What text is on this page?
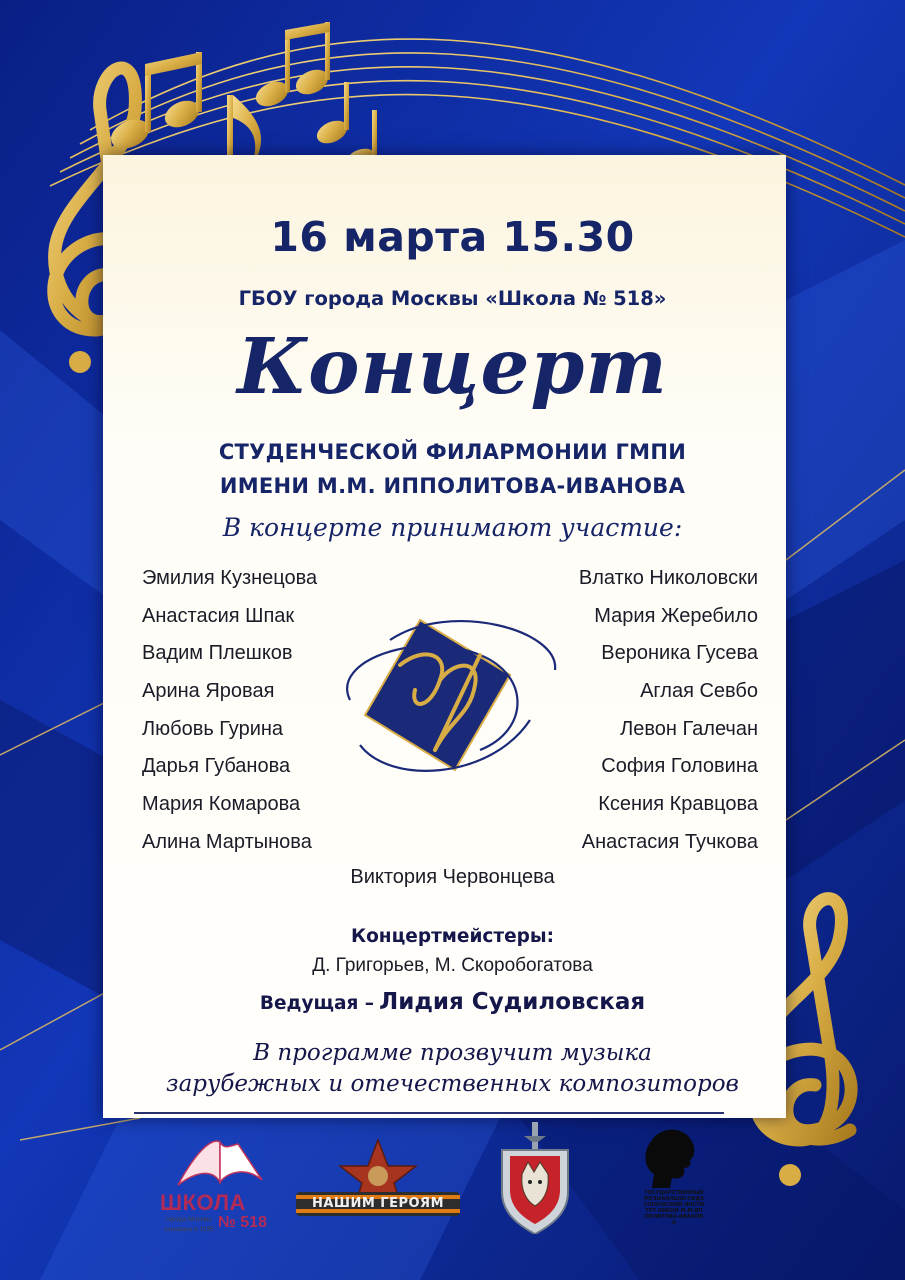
16 марта 15.30
ГБОУ города Москвы «Школа № 518»
Концерт
СТУДЕНЧЕСКОЙ ФИЛАРМОНИИ ГМПИ
ИМЕНИ М.М. ИППОЛИТОВА-ИВАНОВА
В концерте принимают участие:
Эмилия Кузнецова
Анастасия Шпак
Вадим Плешков
Арина Яровая
Любовь Гурина
Дарья Губанова
Мария Комарова
Алина Мартынова
Влатко Николовски
Мария Жеребило
Вероника Гусева
Аглая Севбо
Левон Галечан
София Головина
Ксения Кравцова
Анастасия Тучкова
Виктория Червонцева
Концертмейстеры:
Д. Григорьев, М. Скоробогатова
Ведущая – Лидия Судиловская
В программе прозвучит музыка
зарубежных и отечественных композиторов
ШКОЛА
города Москвы
основана в 1935 № 518
НАШИМ ГЕРОЯМ
ГОСУДАРСТВЕННЫЙ МУЗЫКАЛЬНО-ПЕДАГОГИЧЕСКИЙ ИНСТИТУТ ИМЕНИ М.М.ИППОЛИТОВА-ИВАНОВА
